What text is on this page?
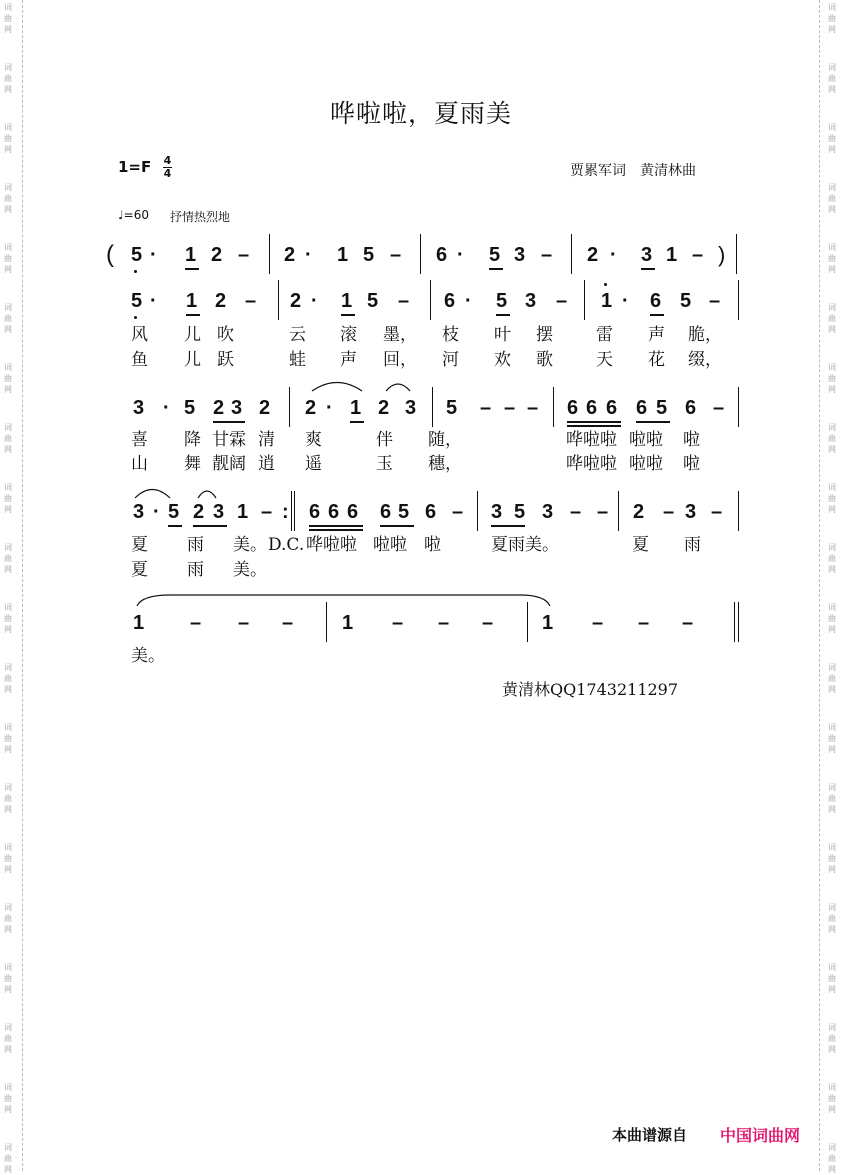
词
曲
网
词
曲
网
词
曲
网
词
曲
网
词
曲
网
词
曲
网
词
曲
网
词
曲
网
词
曲
网
词
曲
网
词
曲
网
词
曲
网
词
曲
网
词
曲
网
词
曲
网
词
曲
网
词
曲
网
词
曲
网
词
曲
网
词
曲
网
词
曲
网
词
曲
网
词
曲
网
词
曲
网
词
曲
网
词
曲
网
词
曲
网
词
曲
网
词
曲
网
词
曲
网
词
曲
网
词
曲
网
词
曲
网
词
曲
网
词
曲
网
词
曲
网
词
曲
网
词
曲
网
词
曲
网
词
曲
网
哗啦啦，夏雨美
1=F 4
4	贾累军词　黄清林曲
♩=60 抒情热烈地
(	)
黄清林QQ1743211297
本曲谱源自 中国词曲网
5 · 1 2 – 2 · 1 5 – 6 · 5 3 – 2 · 3 1 –
5 · 1 2 – 2 · 1 5 – 6 · 5 3 – 1 · 6 5 –
风 儿 吹	云 滚 墨， 枝 叶 摆	雷 声 脆，
鱼 儿 跃	蛙 声 回， 河 欢 歌	天 花 缀，
3 · 5 2 3 2 2 · 1 2 3 5 – – – 6 6 6 6 5 6 –
喜 降 甘霖 清 爽	伴 随，	哗啦啦 啦啦 啦
山 舞 靓阔 逍 遥	玉 穗，	哗啦啦 啦啦 啦
3 · 5 2 3 1 – : 6 6 6 6 5 6 – 3 5 3 – – 2 – 3 –
夏 雨 美。 D.C. 哗啦啦 啦啦 啦	夏雨美。	夏 雨
夏 雨 美。
1 – – – 1 – – – 1 – – –
美。
